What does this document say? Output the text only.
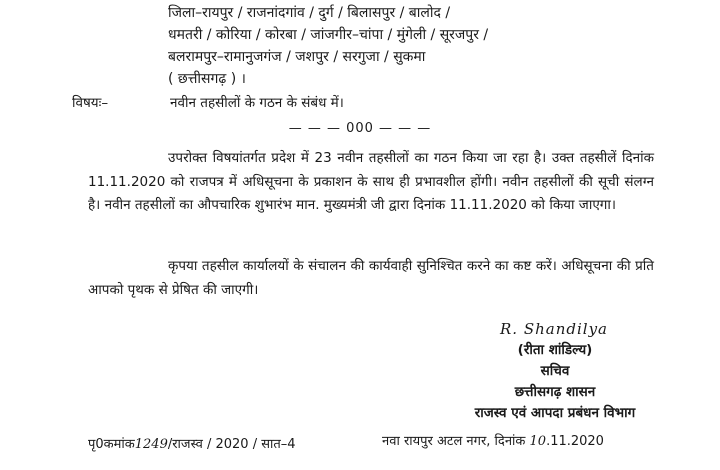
जिला–रायपुर / राजनांदगांव / दुर्ग / बिलासपुर / बालोद /
धमतरी / कोरिया / कोरबा / जांजगीर–चांपा / मुंगेली / सूरजपुर /
बलरामपुर–रामानुजगंज / जशपुर / सरगुजा / सुकमा
( छत्तीसगढ़ ) ।
विषयः–	नवीन तहसीलों के गठन के संबंध में।
— — — 000 — — —
उपरोक्त विषयांतर्गत प्रदेश में 23 नवीन तहसीलों का गठन किया जा रहा है। उक्त तहसीलें दिनांक 11.11.2020 को राजपत्र में अधिसूचना के प्रकाशन के साथ ही प्रभावशील होंगी। नवीन तहसीलों की सूची संलग्न है। नवीन तहसीलों का औपचारिक शुभारंभ मान. मुख्यमंत्री जी द्वारा दिनांक 11.11.2020 को किया जाएगा।
कृपया तहसील कार्यालयों के संचालन की कार्यवाही सुनिश्चित करने का कष्ट करें। अधिसूचना की प्रति आपको पृथक से प्रेषित की जाएगी।
R. Shandilya
(रीता शांडिल्य)
सचिव
छत्तीसगढ़ शासन
राजस्व एवं आपदा प्रबंधन विभाग
पृ0कमांक1249/राजस्व / 2020 / सात–4	नवा रायपुर अटल नगर, दिनांक 10.11.2020
